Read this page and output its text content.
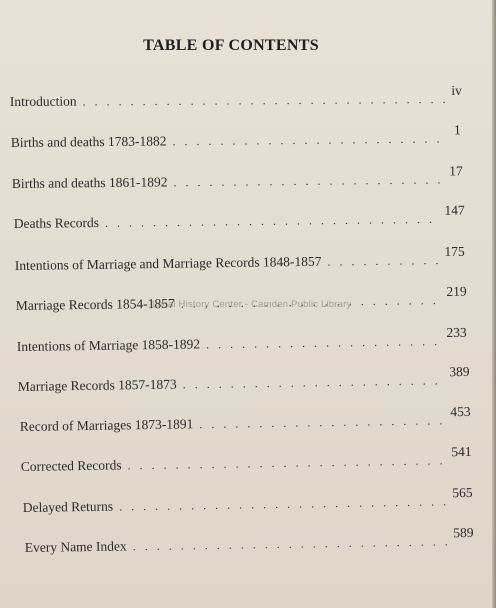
TABLE OF CONTENTS
Introduction
. . .
iv
Births and deaths 1783-1882
. . .
1
Births and deaths 1861-1892
. . .
17
Deaths Records
. . .
147
Intentions of Marriage and Marriage Records 1848-1857
. . .
175
Marriage Records 1854-1857
. . .
219
Intentions of Marriage 1858-1892
. . .
233
Marriage Records 1857-1873
. . .
389
Record of Marriages 1873-1891
. . .
453
Corrected Records
. . .
541
Delayed Returns
. . .
565
Every Name Index
. . .
589
Local History Center - Camden Public Library
